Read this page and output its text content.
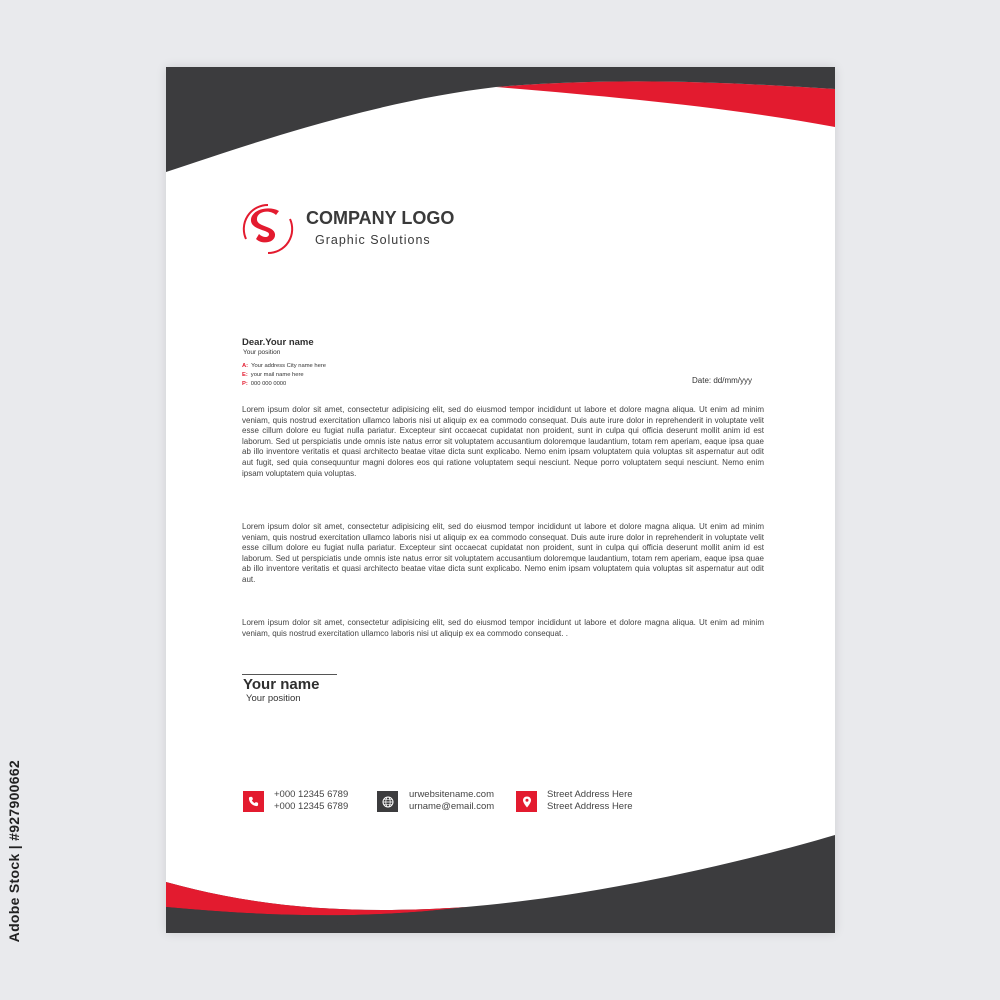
Adobe Stock | #927900662
COMPANY LOGO
Graphic Solutions
Dear.Your name
Your position
A: Your address City name here
E: your mail name here
P: 000 000 0000	Date: dd/mm/yyy

Lorem ipsum dolor sit amet, consectetur adipisicing elit, sed do eiusmod tempor incididunt ut labore et dolore magna aliqua. Ut enim ad minim veniam, quis nostrud exercitation ullamco laboris nisi ut aliquip ex ea commodo consequat. Duis aute irure dolor in reprehenderit in voluptate velit esse cillum dolore eu fugiat nulla pariatur. Excepteur sint occaecat cupidatat non proident, sunt in culpa qui officia deserunt mollit anim id est laborum. Sed ut perspiciatis unde omnis iste natus error sit voluptatem accusantium doloremque laudantium, totam rem aperiam, eaque ipsa quae ab illo inventore veritatis et quasi architecto beatae vitae dicta sunt explicabo. Nemo enim ipsam voluptatem quia voluptas sit aspernatur aut odit aut fugit, sed quia consequuntur magni dolores eos qui ratione voluptatem sequi nesciunt. Neque porro voluptatem sequi nesciunt. Nemo enim ipsam voluptatem quia voluptas.

Lorem ipsum dolor sit amet, consectetur adipisicing elit, sed do eiusmod tempor incididunt ut labore et dolore magna aliqua. Ut enim ad minim veniam, quis nostrud exercitation ullamco laboris nisi ut aliquip ex ea commodo consequat. Duis aute irure dolor in reprehenderit in voluptate velit esse cillum dolore eu fugiat nulla pariatur. Excepteur sint occaecat cupidatat non proident, sunt in culpa qui officia deserunt mollit anim id est laborum. Sed ut perspiciatis unde omnis iste natus error sit voluptatem accusantium doloremque laudantium, totam rem aperiam, eaque ipsa quae ab illo inventore veritatis et quasi architecto beatae vitae dicta sunt explicabo. Nemo enim ipsam voluptatem quia voluptas sit aspernatur aut odit aut.

Lorem ipsum dolor sit amet, consectetur adipisicing elit, sed do eiusmod tempor incididunt ut labore et dolore magna aliqua. Ut enim ad minim veniam, quis nostrud exercitation ullamco laboris nisi ut aliquip ex ea commodo consequat. .

Your name
Your position
+000 12345 6789
+000 12345 6789
urwebsitename.com
urname@email.com
Street Address Here
Street Address Here
